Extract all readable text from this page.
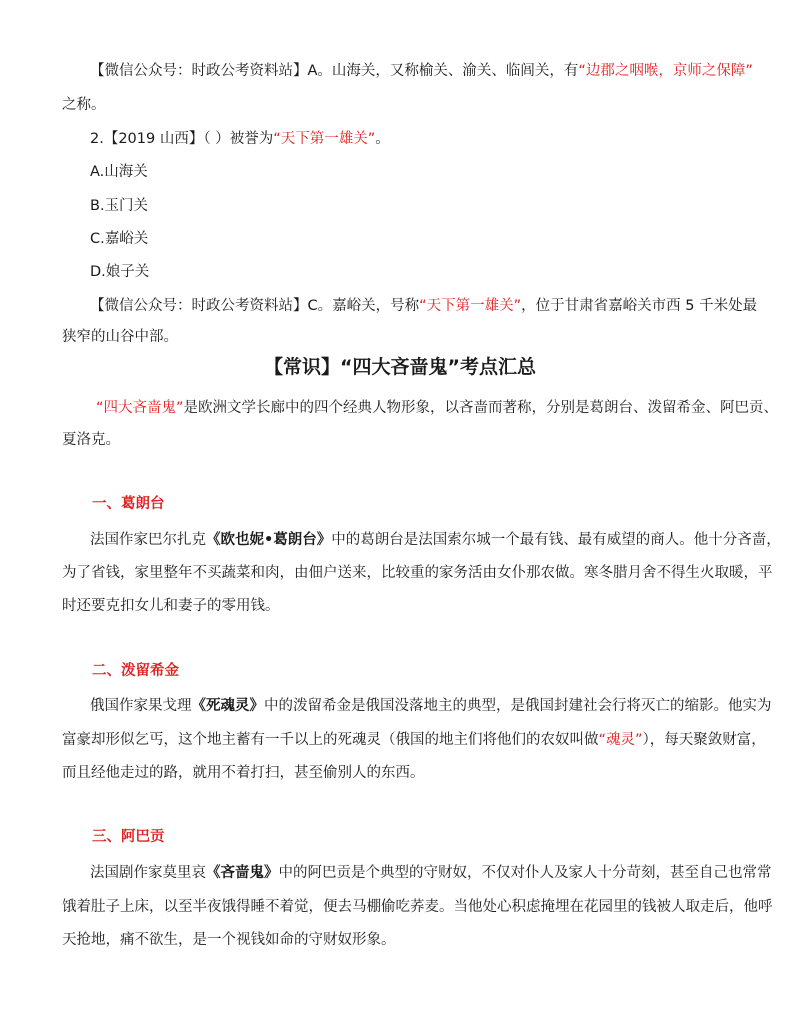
【微信公众号：时政公考资料站】A。山海关，又称榆关、渝关、临闾关，有“边郡之咽喉，京师之保障”
之称。
2.【2019 山西】（ ）被誉为“天下第一雄关”。
A.山海关
B.玉门关
C.嘉峪关
D.娘子关
【微信公众号：时政公考资料站】C。嘉峪关，号称“天下第一雄关”，位于甘肃省嘉峪关市西 5 千米处最
狭窄的山谷中部。
【常识】“四大吝啬鬼”考点汇总
“四大吝啬鬼”是欧洲文学长廊中的四个经典人物形象，以吝啬而著称，分别是葛朗台、泼留希金、阿巴贡、
夏洛克。
一、葛朗台
法国作家巴尔扎克《欧也妮•葛朗台》中的葛朗台是法国索尔城一个最有钱、最有威望的商人。他十分吝啬，
为了省钱，家里整年不买蔬菜和肉，由佃户送来，比较重的家务活由女仆那农做。寒冬腊月舍不得生火取暖，平
时还要克扣女儿和妻子的零用钱。
二、泼留希金
俄国作家果戈理《死魂灵》中的泼留希金是俄国没落地主的典型，是俄国封建社会行将灭亡的缩影。他实为
富豪却形似乞丐，这个地主蓄有一千以上的死魂灵（俄国的地主们将他们的农奴叫做“魂灵”），每天聚敛财富，
而且经他走过的路，就用不着打扫，甚至偷别人的东西。
三、阿巴贡
法国剧作家莫里哀《吝啬鬼》中的阿巴贡是个典型的守财奴，不仅对仆人及家人十分苛刻，甚至自己也常常
饿着肚子上床，以至半夜饿得睡不着觉，便去马棚偷吃荞麦。当他处心积虑掩埋在花园里的钱被人取走后，他呼
天抢地，痛不欲生，是一个视钱如命的守财奴形象。
